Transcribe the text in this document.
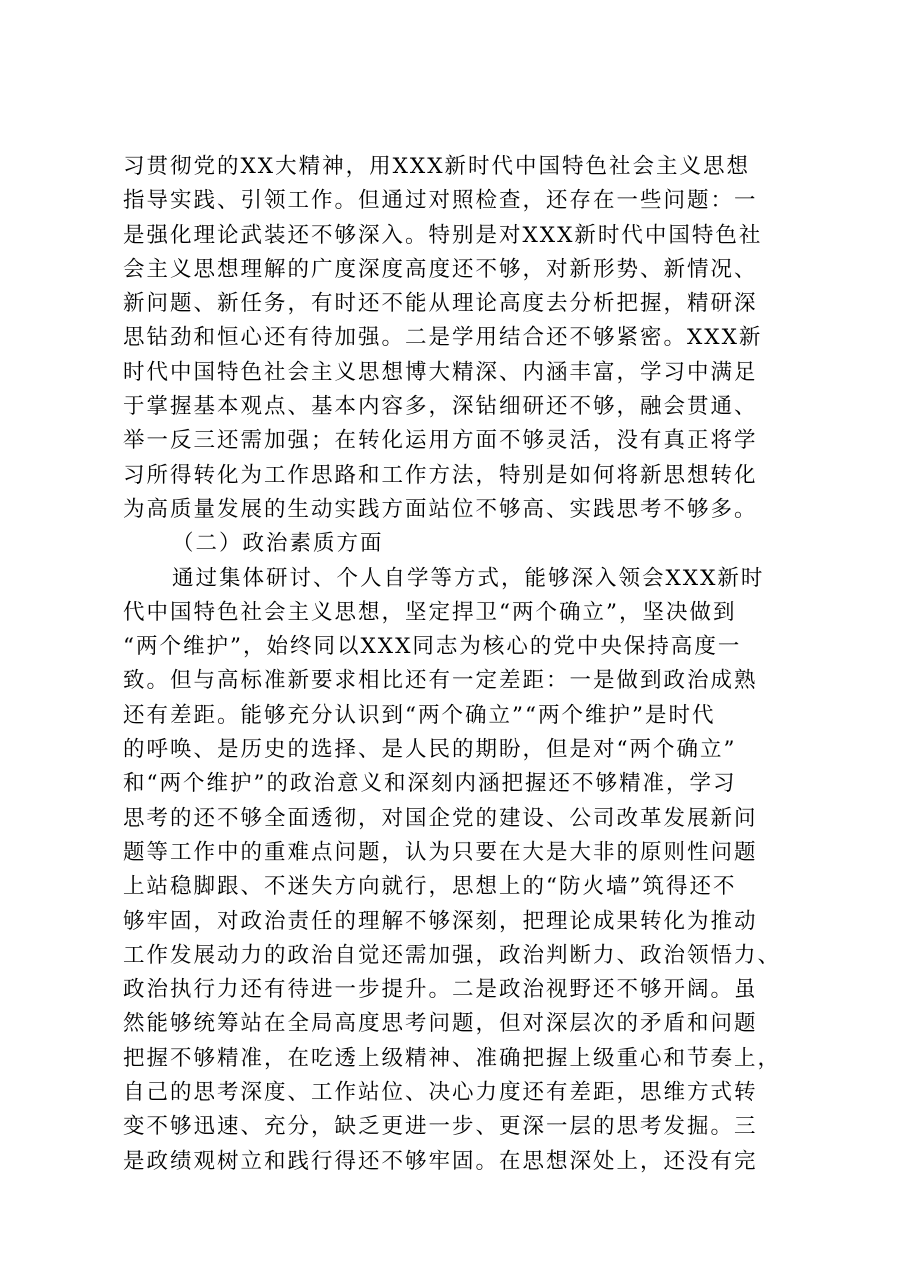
习贯彻党的XX大精神，用XXX新时代中国特色社会主义思想
指导实践、引领工作。但通过对照检查，还存在一些问题：一
是强化理论武装还不够深入。特别是对XXX新时代中国特色社
会主义思想理解的广度深度高度还不够，对新形势、新情况、
新问题、新任务，有时还不能从理论高度去分析把握，精研深
思钻劲和恒心还有待加强。二是学用结合还不够紧密。XXX新
时代中国特色社会主义思想博大精深、内涵丰富，学习中满足
于掌握基本观点、基本内容多，深钻细研还不够，融会贯通、
举一反三还需加强；在转化运用方面不够灵活，没有真正将学
习所得转化为工作思路和工作方法，特别是如何将新思想转化
为高质量发展的生动实践方面站位不够高、实践思考不够多。
（二）政治素质方面
通过集体研讨、个人自学等方式，能够深入领会XXX新时
代中国特色社会主义思想，坚定捍卫“两个确立”，坚决做到
“两个维护”，始终同以XXX同志为核心的党中央保持高度一
致。但与高标准新要求相比还有一定差距：一是做到政治成熟
还有差距。能够充分认识到“两个确立”“两个维护”是时代
的呼唤、是历史的选择、是人民的期盼，但是对“两个确立”
和“两个维护”的政治意义和深刻内涵把握还不够精准，学习
思考的还不够全面透彻，对国企党的建设、公司改革发展新问
题等工作中的重难点问题，认为只要在大是大非的原则性问题
上站稳脚跟、不迷失方向就行，思想上的“防火墙”筑得还不
够牢固，对政治责任的理解不够深刻，把理论成果转化为推动
工作发展动力的政治自觉还需加强，政治判断力、政治领悟力、
政治执行力还有待进一步提升。二是政治视野还不够开阔。虽
然能够统筹站在全局高度思考问题，但对深层次的矛盾和问题
把握不够精准，在吃透上级精神、准确把握上级重心和节奏上，
自己的思考深度、工作站位、决心力度还有差距，思维方式转
变不够迅速、充分，缺乏更进一步、更深一层的思考发掘。三
是政绩观树立和践行得还不够牢固。在思想深处上，还没有完
